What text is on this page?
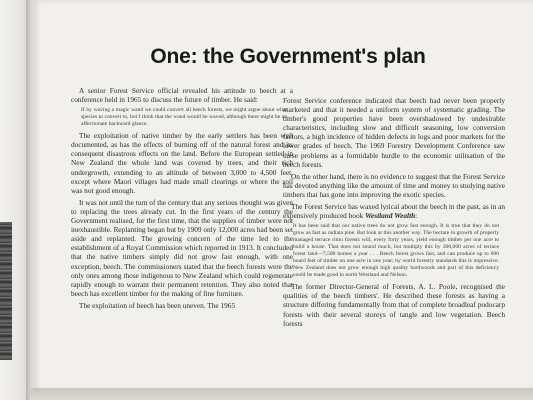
One: the Government's plan

A senior Forest Service official revealed his attitude to beech at a conference held in 1965 to discuss the future of timber. He said:

If by waving a magic wand we could convert all beech forests, we might argue about what species to convert to, but I think that the wand would be waved, although there might be an affectionate backward glance.

The exploitation of native timber by the early settlers has been well documented, as has the effects of burning off of the natural forest and its consequent disastrous effects on the land. Before the European settled in New Zealand the whole land was covered by trees, and their rich undergrowth, extending to an altitude of between 3,000 to 4,500 feet, except where Maori villages had made small clearings or where the soil was not good enough.

It was not until the turn of the century that any serious thought was given to replacing the trees already cut. In the first years of the century the Government realised, for the first time, that the supplies of timber were not inexhaustible. Replanting began but by 1909 only 12,000 acres had been set aside and replanted. The growing concern of the time led to the establishment of a Royal Commission which reported in 1913. It concluded that the native timbers simply did not grow fast enough, with one exception, beech. The commissioners stated that the beech forests were the only ones among those indigenous to New Zealand which could regenerate rapidly enough to warrant their permanent retention. They also noted that beech has excellent timber for the making of fine furniture.

The exploitation of beech has been uneven. The 1965

Forest Service conference indicated that beech had never been properly marketed and that it needed a uniform system of systematic grading. The timber's good properties have been overshadowed by undesirable characteristics, including slow and difficult seasoning, low conversion factors, a high incidence of hidden defects in logs and poor markets for the lower grades of beech. The 1969 Forestry Development Conference saw these problems as a formidable hurdle to the economic utilisation of the beech forests.

On the other hand, there is no evidence to suggest that the Forest Service has devoted anything like the amount of time and money to studying native timbers that has gone into improving the exotic species.

The Forest Service has waxed lyrical about the beech in the past, as in an expensively produced book Westland Wealth:

It has been said that our native trees do not grow fast enough. It is true that they do not grow as fast as radiata pine. But look at this another way. The hectare in growth of properly managed terrace rimu forests will, every forty years, yield enough timber per one acre to build a house. That does not sound much, but multiply this by 300,000 acres of terrace forest land—7,500 homes a year . . . Beech forest grows fast, and can produce up to 600 board feet of timber on one acre in one year; by world forestry standards this is impressive. New Zealand does not grow enough high quality hardwoods and part of this deficiency could be made good in north Westland and Nelson.

The former Director-General of Forests, A. L. Poole, recognised the qualities of the beech timbers'. He described these forests as having a structure differing fundamentally from that of complete broadleaf podocarp forests with their several storeys of tangle and low vegetation. Beech forests
